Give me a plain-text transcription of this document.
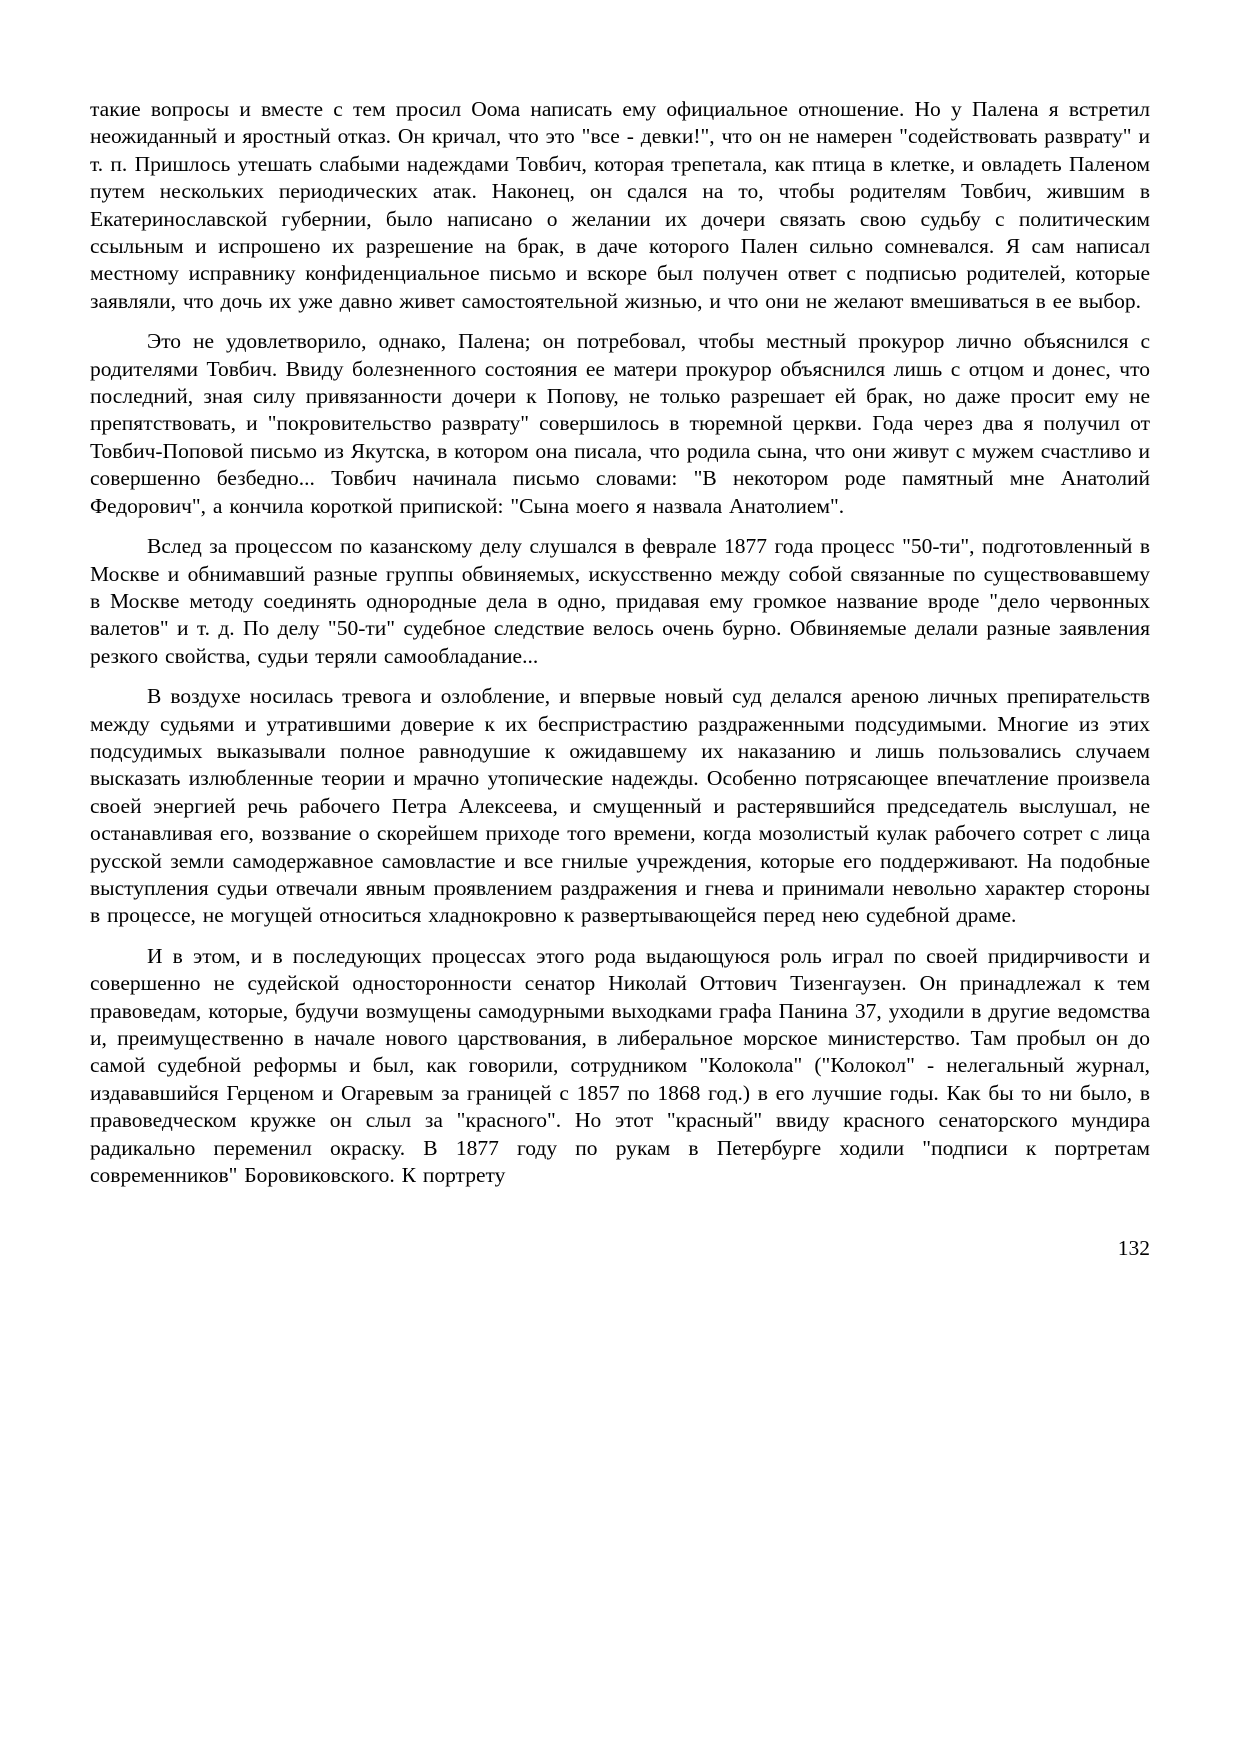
такие вопросы и вместе с тем просил Оома написать ему официальное отношение. Но у Палена я встретил неожиданный и яростный отказ. Он кричал, что это "все - девки!", что он не намерен "содействовать разврату" и т. п. Пришлось утешать слабыми надеждами Товбич, которая трепетала, как птица в клетке, и овладеть Паленом путем нескольких периодических атак. Наконец, он сдался на то, чтобы родителям Товбич, жившим в Екатеринославской губернии, было написано о желании их дочери связать свою судьбу с политическим ссыльным и испрошено их разрешение на брак, в даче которого Пален сильно сомневался. Я сам написал местному исправнику конфиденциальное письмо и вскоре был получен ответ с подписью родителей, которые заявляли, что дочь их уже давно живет самостоятельной жизнью, и что они не желают вмешиваться в ее выбор.

Это не удовлетворило, однако, Палена; он потребовал, чтобы местный прокурор лично объяснился с родителями Товбич. Ввиду болезненного состояния ее матери прокурор объяснился лишь с отцом и донес, что последний, зная силу привязанности дочери к Попову, не только разрешает ей брак, но даже просит ему не препятствовать, и "покровительство разврату" совершилось в тюремной церкви. Года через два я получил от Товбич-Поповой письмо из Якутска, в котором она писала, что родила сына, что они живут с мужем счастливо и совершенно безбедно... Товбич начинала письмо словами: "В некотором роде памятный мне Анатолий Федорович", а кончила короткой припиской: "Сына моего я назвала Анатолием".

Вслед за процессом по казанскому делу слушался в феврале 1877 года процесс "50-ти", подготовленный в Москве и обнимавший разные группы обвиняемых, искусственно между собой связанные по существовавшему в Москве методу соединять однородные дела в одно, придавая ему громкое название вроде "дело червонных валетов" и т. д. По делу "50-ти" судебное следствие велось очень бурно. Обвиняемые делали разные заявления резкого свойства, судьи теряли самообладание...

В воздухе носилась тревога и озлобление, и впервые новый суд делался ареною личных препирательств между судьями и утратившими доверие к их беспристрастию раздраженными подсудимыми. Многие из этих подсудимых выказывали полное равнодушие к ожидавшему их наказанию и лишь пользовались случаем высказать излюбленные теории и мрачно утопические надежды. Особенно потрясающее впечатление произвела своей энергией речь рабочего Петра Алексеева, и смущенный и растерявшийся председатель выслушал, не останавливая его, воззвание о скорейшем приходе того времени, когда мозолистый кулак рабочего сотрет с лица русской земли самодержавное самовластие и все гнилые учреждения, которые его поддерживают. На подобные выступления судьи отвечали явным проявлением раздражения и гнева и принимали невольно характер стороны в процессе, не могущей относиться хладнокровно к развертывающейся перед нею судебной драме.

И в этом, и в последующих процессах этого рода выдающуюся роль играл по своей придирчивости и совершенно не судейской односторонности сенатор Николай Оттович Тизенгаузен. Он принадлежал к тем правоведам, которые, будучи возмущены самодурными выходками графа Панина 37, уходили в другие ведомства и, преимущественно в начале нового царствования, в либеральное морское министерство. Там пробыл он до самой судебной реформы и был, как говорили, сотрудником "Колокола" ("Колокол" - нелегальный журнал, издававшийся Герценом и Огаревым за границей с 1857 по 1868 год.) в его лучшие годы. Как бы то ни было, в правоведческом кружке он слыл за "красного". Но этот "красный" ввиду красного сенаторского мундира радикально переменил окраску. В 1877 году по рукам в Петербурге ходили "подписи к портретам современников" Боровиковского. К портрету

132
